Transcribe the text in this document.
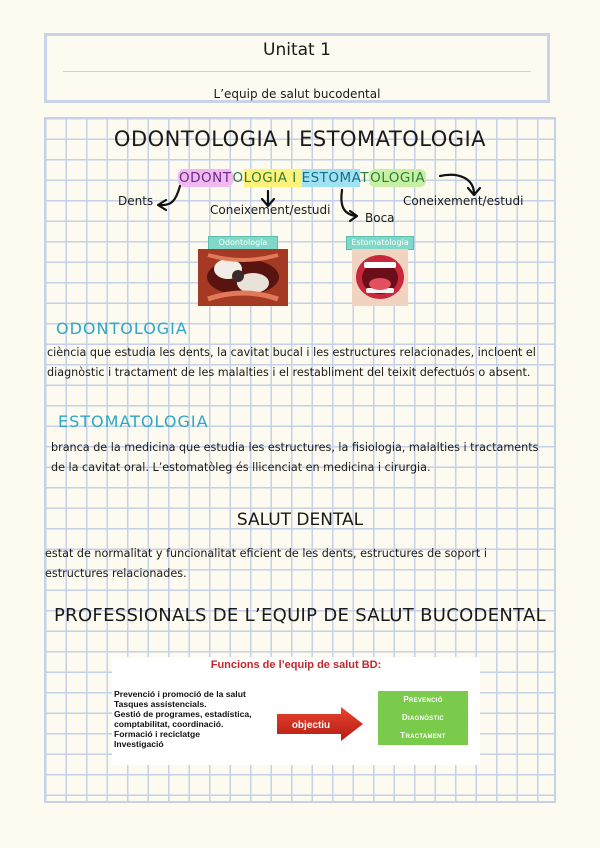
Unitat 1
L’equip de salut bucodental
ODONTOLOGIA I ESTOMATOLOGIA
ODONTOLOGIA I ESTOMATOLOGIA
Dents
Coneixement/estudi
Boca
Coneixement/estudi
Odontología	Estomatología
ODONTOLOGIA
ciència que estudia les dents, la cavitat bucal i les estructures relacionades, incloent el diagnòstic i tractament de les malalties i el restabliment del teixit defectuós o absent.
ESTOMATOLOGIA
branca de la medicina que estudia les estructures, la fisiologia, malalties i tractaments de la cavitat oral. L’estomatòleg és llicenciat en medicina i cirurgia.
SALUT DENTAL
estat de normalitat y funcionalitat eficient de les dents, estructures de soport i estructures relacionades.
PROFESSIONALS DE L’EQUIP DE SALUT BUCODENTAL
Funcions de l’equip de salut BD:
Prevenció i promoció de la salut
Tasques assistencials.
Gestió de programes, estadística,
comptabilitat, coordinació.
Formació i reciclatge
Investigació
objectiu
Prevenció
Diagnòstic
Tractament
